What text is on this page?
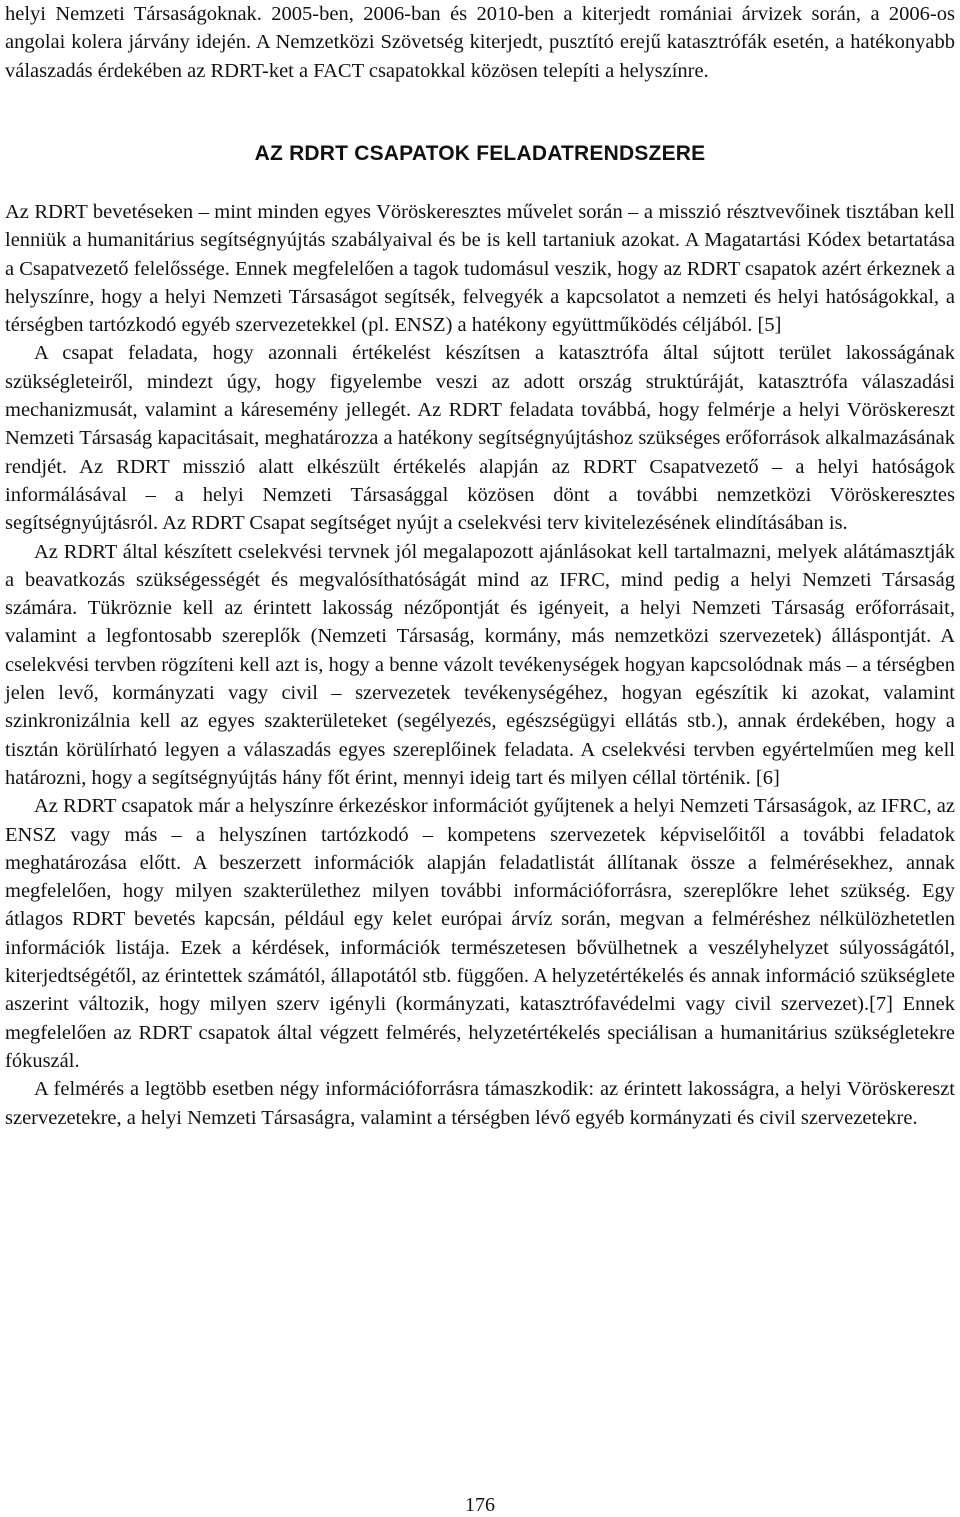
helyi Nemzeti Társaságoknak. 2005-ben, 2006-ban és 2010-ben a kiterjedt romániai árvizek során, a 2006-os angolai kolera járvány idején. A Nemzetközi Szövetség kiterjedt, pusztító erejű katasztrófák esetén, a hatékonyabb válaszadás érdekében az RDRT-ket a FACT csapatokkal közösen telepíti a helyszínre.

AZ RDRT CSAPATOK FELADATRENDSZERE

Az RDRT bevetéseken – mint minden egyes Vöröskeresztes művelet során – a misszió résztvevőinek tisztában kell lenniük a humanitárius segítségnyújtás szabályaival és be is kell tartaniuk azokat. A Magatartási Kódex betartatása a Csapatvezető felelőssége. Ennek megfelelően a tagok tudomásul veszik, hogy az RDRT csapatok azért érkeznek a helyszínre, hogy a helyi Nemzeti Társaságot segítsék, felvegyék a kapcsolatot a nemzeti és helyi hatóságokkal, a térségben tartózkodó egyéb szervezetekkel (pl. ENSZ) a hatékony együttműködés céljából. [5]

A csapat feladata, hogy azonnali értékelést készítsen a katasztrófa által sújtott terület lakosságának szükségleteiről, mindezt úgy, hogy figyelembe veszi az adott ország struktúráját, katasztrófa válaszadási mechanizmusát, valamint a káresemény jellegét. Az RDRT feladata továbbá, hogy felmérje a helyi Vöröskereszt Nemzeti Társaság kapacitásait, meghatározza a hatékony segítségnyújtáshoz szükséges erőforrások alkalmazásának rendjét. Az RDRT misszió alatt elkészült értékelés alapján az RDRT Csapatvezető – a helyi hatóságok informálásával – a helyi Nemzeti Társasággal közösen dönt a további nemzetközi Vöröskeresztes segítségnyújtásról. Az RDRT Csapat segítséget nyújt a cselekvési terv kivitelezésének elindításában is.

Az RDRT által készített cselekvési tervnek jól megalapozott ajánlásokat kell tartalmazni, melyek alátámasztják a beavatkozás szükségességét és megvalósíthatóságát mind az IFRC, mind pedig a helyi Nemzeti Társaság számára. Tükröznie kell az érintett lakosság nézőpontját és igényeit, a helyi Nemzeti Társaság erőforrásait, valamint a legfontosabb szereplők (Nemzeti Társaság, kormány, más nemzetközi szervezetek) álláspontját. A cselekvési tervben rögzíteni kell azt is, hogy a benne vázolt tevékenységek hogyan kapcsolódnak más – a térségben jelen levő, kormányzati vagy civil – szervezetek tevékenységéhez, hogyan egészítik ki azokat, valamint szinkronizálnia kell az egyes szakterületeket (segélyezés, egészségügyi ellátás stb.), annak érdekében, hogy a tisztán körülírható legyen a válaszadás egyes szereplőinek feladata. A cselekvési tervben egyértelműen meg kell határozni, hogy a segítségnyújtás hány főt érint, mennyi ideig tart és milyen céllal történik. [6]

Az RDRT csapatok már a helyszínre érkezéskor információt gyűjtenek a helyi Nemzeti Társaságok, az IFRC, az ENSZ vagy más – a helyszínen tartózkodó – kompetens szervezetek képviselőitől a további feladatok meghatározása előtt. A beszerzett információk alapján feladatlistát állítanak össze a felmérésekhez, annak megfelelően, hogy milyen szakterülethez milyen további információforrásra, szereplőkre lehet szükség. Egy átlagos RDRT bevetés kapcsán, például egy kelet európai árvíz során, megvan a felméréshez nélkülözhetetlen információk listája. Ezek a kérdések, információk természetesen bővülhetnek a veszélyhelyzet súlyosságától, kiterjedtségétől, az érintettek számától, állapotától stb. függően. A helyzetértékelés és annak információ szükséglete aszerint változik, hogy milyen szerv igényli (kormányzati, katasztrófavédelmi vagy civil szervezet).[7] Ennek megfelelően az RDRT csapatok által végzett felmérés, helyzetértékelés speciálisan a humanitárius szükségletekre fókuszál.

A felmérés a legtöbb esetben négy információforrásra támaszkodik: az érintett lakosságra, a helyi Vöröskereszt szervezetekre, a helyi Nemzeti Társaságra, valamint a térségben lévő egyéb kormányzati és civil szervezetekre.

176
